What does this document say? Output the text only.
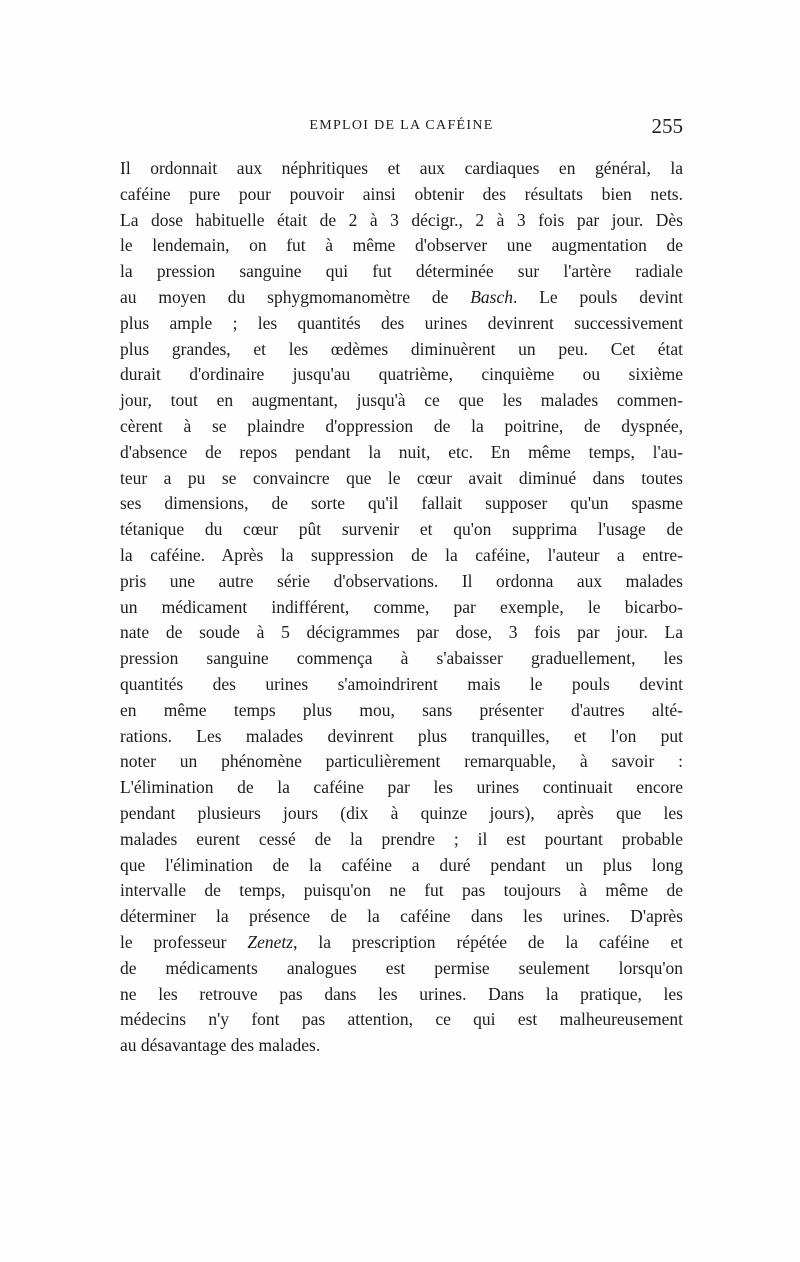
EMPLOI DE LA CAFÉINE	255
Il ordonnait aux néphritiques et aux cardiaques en général, la
caféine pure pour pouvoir ainsi obtenir des résultats bien nets.
La dose habituelle était de 2 à 3 décigr., 2 à 3 fois par jour. Dès
le lendemain, on fut à même d'observer une augmentation de
la pression sanguine qui fut déterminée sur l'artère radiale
au moyen du sphygmomanomètre de Basch. Le pouls devint
plus ample ; les quantités des urines devinrent successivement
plus grandes, et les œdèmes diminuèrent un peu. Cet état
durait d'ordinaire jusqu'au quatrième, cinquième ou sixième
jour, tout en augmentant, jusqu'à ce que les malades commen-
cèrent à se plaindre d'oppression de la poitrine, de dyspnée,
d'absence de repos pendant la nuit, etc. En même temps, l'au-
teur a pu se convaincre que le cœur avait diminué dans toutes
ses dimensions, de sorte qu'il fallait supposer qu'un spasme
tétanique du cœur pût survenir et qu'on supprima l'usage de
la caféine. Après la suppression de la caféine, l'auteur a entre-
pris une autre série d'observations. Il ordonna aux malades
un médicament indifférent, comme, par exemple, le bicarbo-
nate de soude à 5 décigrammes par dose, 3 fois par jour. La
pression sanguine commença à s'abaisser graduellement, les
quantités des urines s'amoindrirent mais le pouls devint
en même temps plus mou, sans présenter d'autres alté-
rations. Les malades devinrent plus tranquilles, et l'on put
noter un phénomène particulièrement remarquable, à savoir :
L'élimination de la caféine par les urines continuait encore
pendant plusieurs jours (dix à quinze jours), après que les
malades eurent cessé de la prendre ; il est pourtant probable
que l'élimination de la caféine a duré pendant un plus long
intervalle de temps, puisqu'on ne fut pas toujours à même de
déterminer la présence de la caféine dans les urines. D'après
le professeur Zenetz, la prescription répétée de la caféine et
de médicaments analogues est permise seulement lorsqu'on
ne les retrouve pas dans les urines. Dans la pratique, les
médecins n'y font pas attention, ce qui est malheureusement
au désavantage des malades.
